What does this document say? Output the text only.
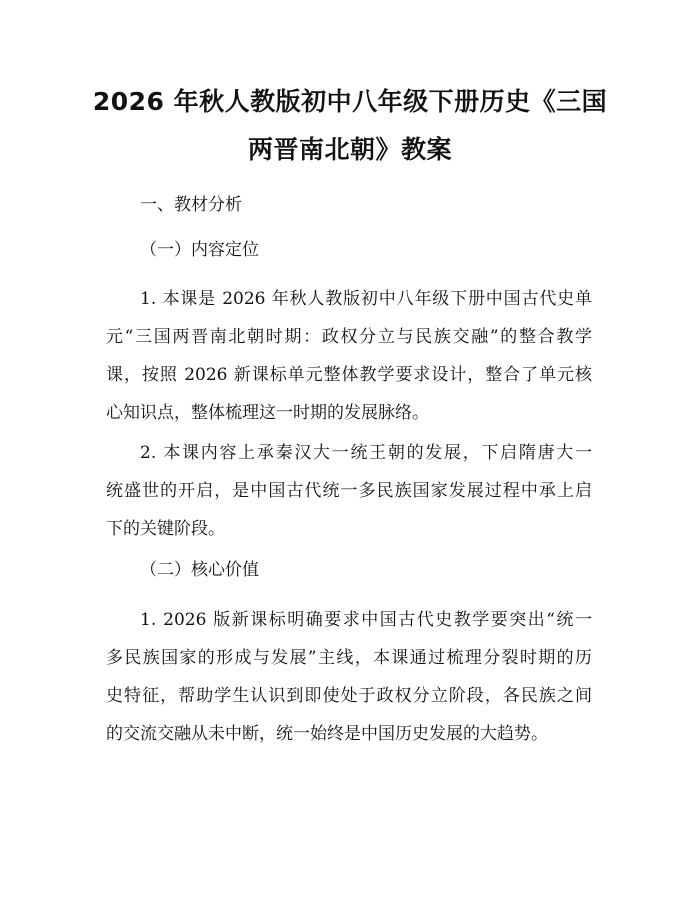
2026 年秋人教版初中八年级下册历史《三国
两晋南北朝》教案
一、教材分析
（一）内容定位
1. 本课是 2026 年秋人教版初中八年级下册中国古代史单
元“三国两晋南北朝时期：政权分立与民族交融”的整合教学
课，按照 2026 新课标单元整体教学要求设计，整合了单元核
心知识点，整体梳理这一时期的发展脉络。
2. 本课内容上承秦汉大一统王朝的发展，下启隋唐大一
统盛世的开启，是中国古代统一多民族国家发展过程中承上启
下的关键阶段。
（二）核心价值
1. 2026 版新课标明确要求中国古代史教学要突出“统一
多民族国家的形成与发展”主线，本课通过梳理分裂时期的历
史特征，帮助学生认识到即使处于政权分立阶段，各民族之间
的交流交融从未中断，统一始终是中国历史发展的大趋势。
